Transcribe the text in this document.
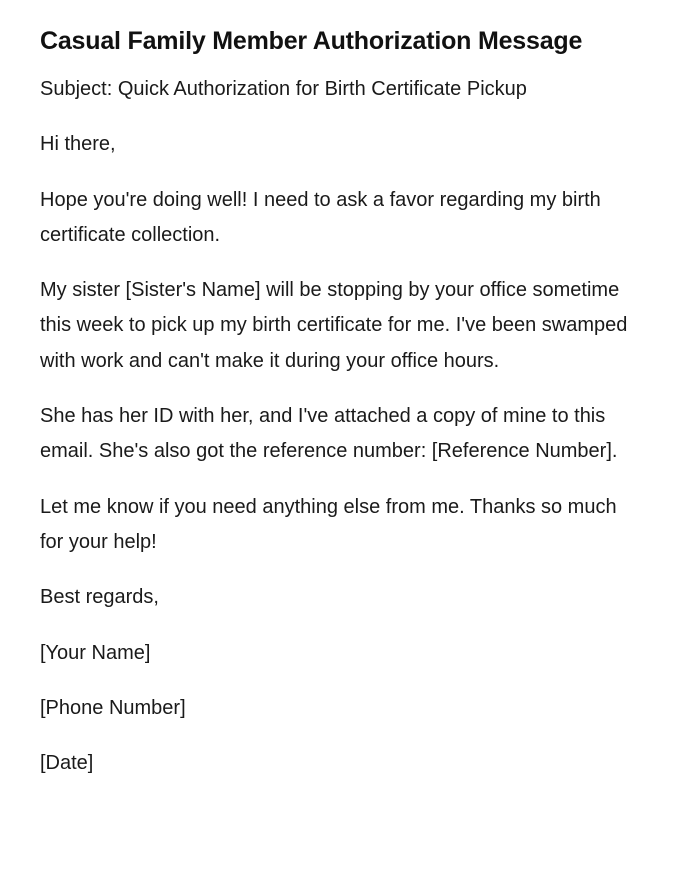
Casual Family Member Authorization Message

Subject: Quick Authorization for Birth Certificate Pickup

Hi there,

Hope you're doing well! I need to ask a favor regarding my birth certificate collection.

My sister [Sister's Name] will be stopping by your office sometime this week to pick up my birth certificate for me. I've been swamped with work and can't make it during your office hours.

She has her ID with her, and I've attached a copy of mine to this email. She's also got the reference number: [Reference Number].

Let me know if you need anything else from me. Thanks so much for your help!

Best regards,

[Your Name]

[Phone Number]

[Date]
